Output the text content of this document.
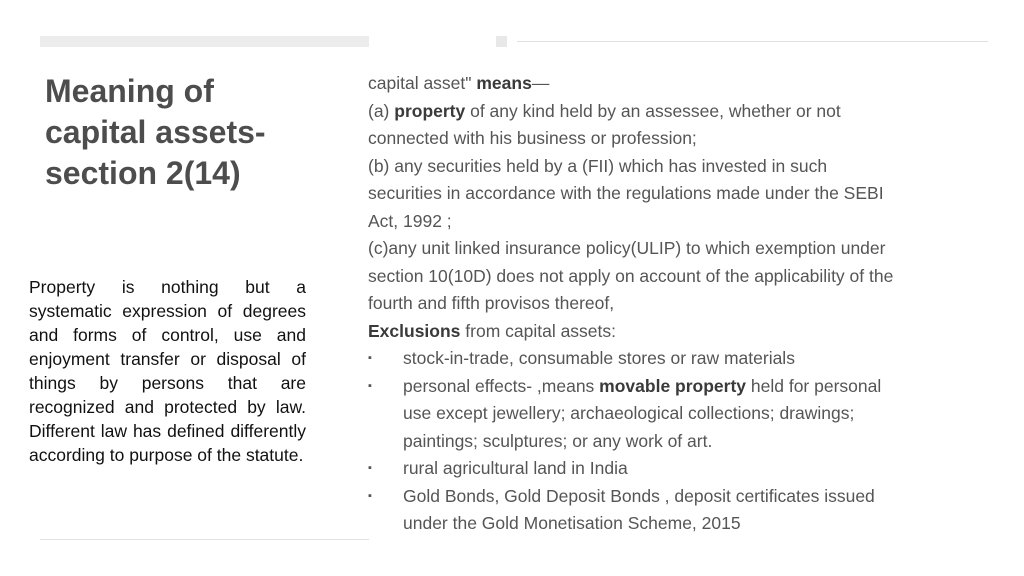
Meaning of
capital assets-
section 2(14)

Property is nothing but a systematic expression of degrees and forms of control, use and enjoyment transfer or disposal of things by persons that are recognized and protected by law. Different law has defined differently according to purpose of the statute.

capital asset" means—
(a) property of any kind held by an assessee, whether or not
connected with his business or profession;
(b) any securities held by a (FII) which has invested in such
securities in accordance with the regulations made under the SEBI
Act, 1992 ;
(c)any unit linked insurance policy(ULIP) to which exemption under
section 10(10D) does not apply on account of the applicability of the
fourth and fifth provisos thereof,
Exclusions from capital assets:
▪ stock-in-trade, consumable stores or raw materials
▪ personal effects- ,means movable property held for personal
use except jewellery; archaeological collections; drawings;
paintings; sculptures; or any work of art.
▪ rural agricultural land in India
▪ Gold Bonds, Gold Deposit Bonds , deposit certificates issued
under the Gold Monetisation Scheme, 2015
